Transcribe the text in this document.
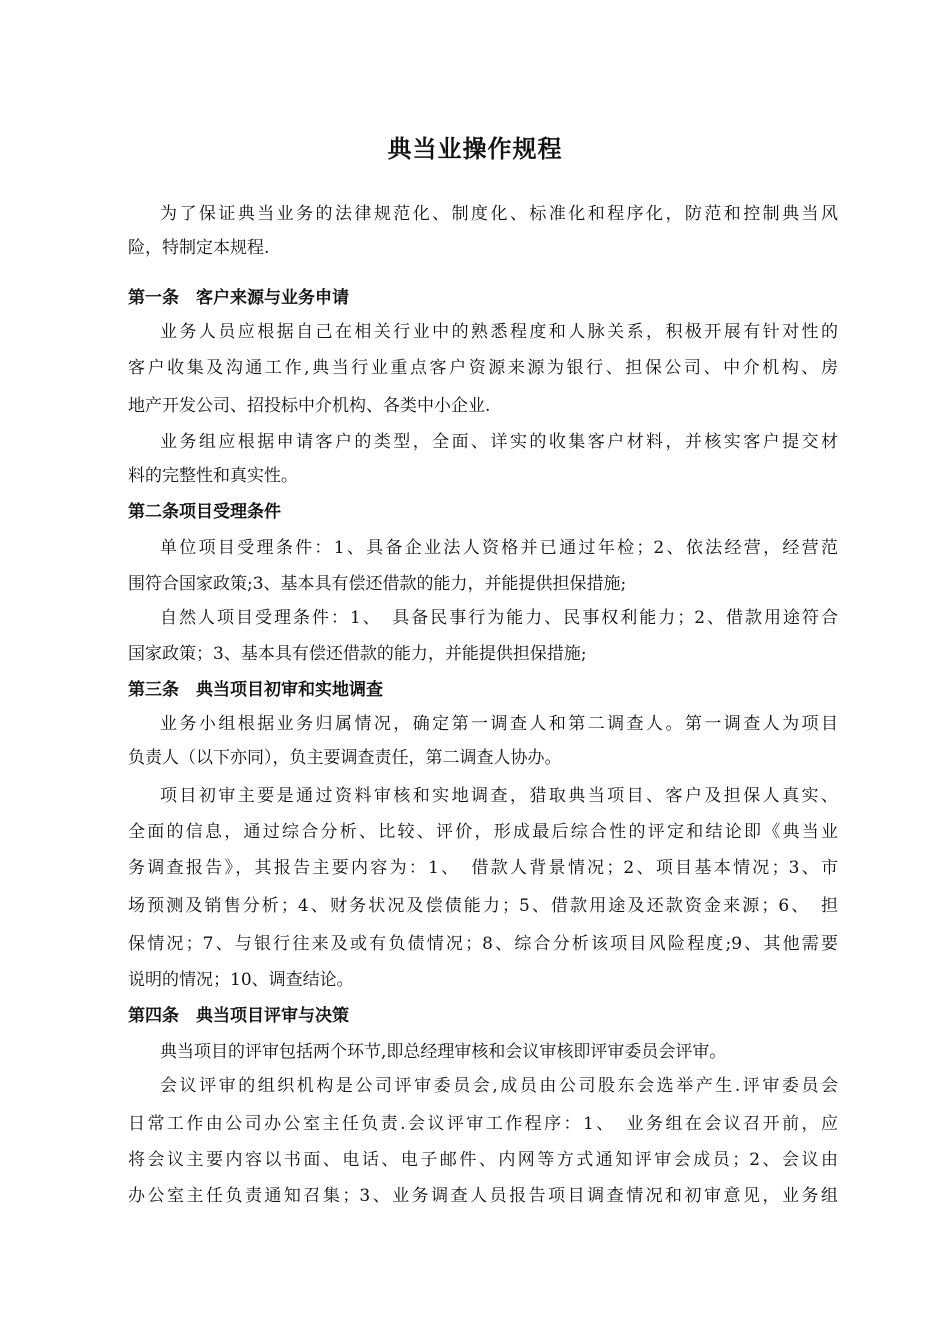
典当业操作规程
为了保证典当业务的法律规范化、制度化、标准化和程序化，防范和控制典当风
险，特制定本规程.
第一条　客户来源与业务申请
业务人员应根据自己在相关行业中的熟悉程度和人脉关系，积极开展有针对性的
客户收集及沟通工作,典当行业重点客户资源来源为银行、担保公司、中介机构、房
地产开发公司、招投标中介机构、各类中小企业.
业务组应根据申请客户的类型，全面、详实的收集客户材料，并核实客户提交材
料的完整性和真实性。
第二条项目受理条件
单位项目受理条件：1、具备企业法人资格并已通过年检；2、依法经营，经营范
围符合国家政策;3、基本具有偿还借款的能力，并能提供担保措施;
自然人项目受理条件：1、　具备民事行为能力、民事权利能力；2、借款用途符合
国家政策；3、基本具有偿还借款的能力，并能提供担保措施;
第三条　典当项目初审和实地调查
业务小组根据业务归属情况，确定第一调查人和第二调查人。第一调查人为项目
负责人（以下亦同），负主要调查责任，第二调查人协办。
项目初审主要是通过资料审核和实地调查，猎取典当项目、客户及担保人真实、
全面的信息，通过综合分析、比较、评价，形成最后综合性的评定和结论即《典当业
务调查报告》，其报告主要内容为：1、　借款人背景情况；2、项目基本情况；3、市
场预测及销售分析；4、财务状况及偿债能力；5、借款用途及还款资金来源；6、　担
保情况；7、与银行往来及或有负债情况；8、综合分析该项目风险程度;9、其他需要
说明的情况；10、调查结论。
第四条　典当项目评审与决策
典当项目的评审包括两个环节,即总经理审核和会议审核即评审委员会评审。
会议评审的组织机构是公司评审委员会,成员由公司股东会选举产生.评审委员会
日常工作由公司办公室主任负责.会议评审工作程序：1、　业务组在会议召开前，应
将会议主要内容以书面、电话、电子邮件、内网等方式通知评审会成员；2、会议由
办公室主任负责通知召集；3、业务调查人员报告项目调查情况和初审意见，业务组
